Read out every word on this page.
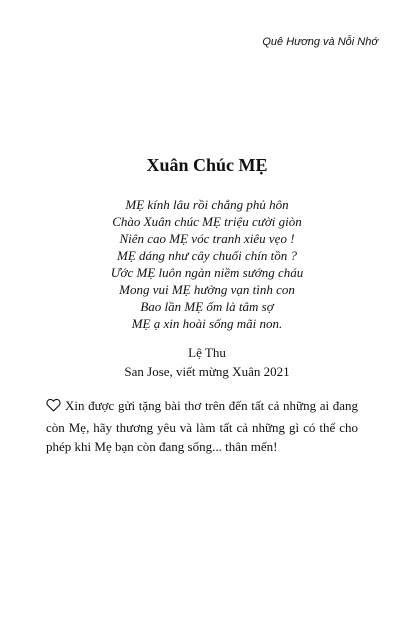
Quê Hương và Nỗi Nhớ
Xuân Chúc MẸ
MẸ kính lâu rồi chẳng phủ hôn
Chào Xuân chúc MẸ triệu cười giòn
Niên cao MẸ vóc tranh xiêu vẹo !
MẸ dáng như cây chuối chín tồn ?
Ước MẸ luôn ngàn niềm sướng cháu
Mong vui MẸ hưởng vạn tình con
Bao lần MẸ ốm là tâm sợ
MẸ ạ xin hoài sống mãi non.
Lệ Thu
San Jose, viết mừng Xuân 2021
Xin được gửi tặng bài thơ trên đến tất cả những ai đang còn Mẹ, hãy thương yêu và làm tất cả những gì có thể cho phép khi Mẹ bạn còn đang sống... thân mến!
